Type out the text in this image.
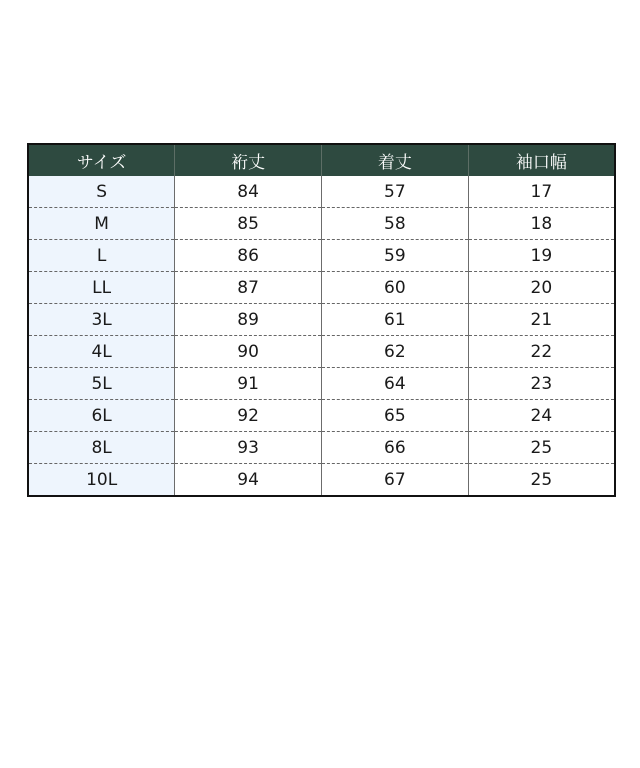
サイズ	裄丈	着丈	袖口幅
S	84	57	17
M	85	58	18
L	86	59	19
LL	87	60	20
3L	89	61	21
4L	90	62	22
5L	91	64	23
6L	92	65	24
8L	93	66	25
10L	94	67	25
